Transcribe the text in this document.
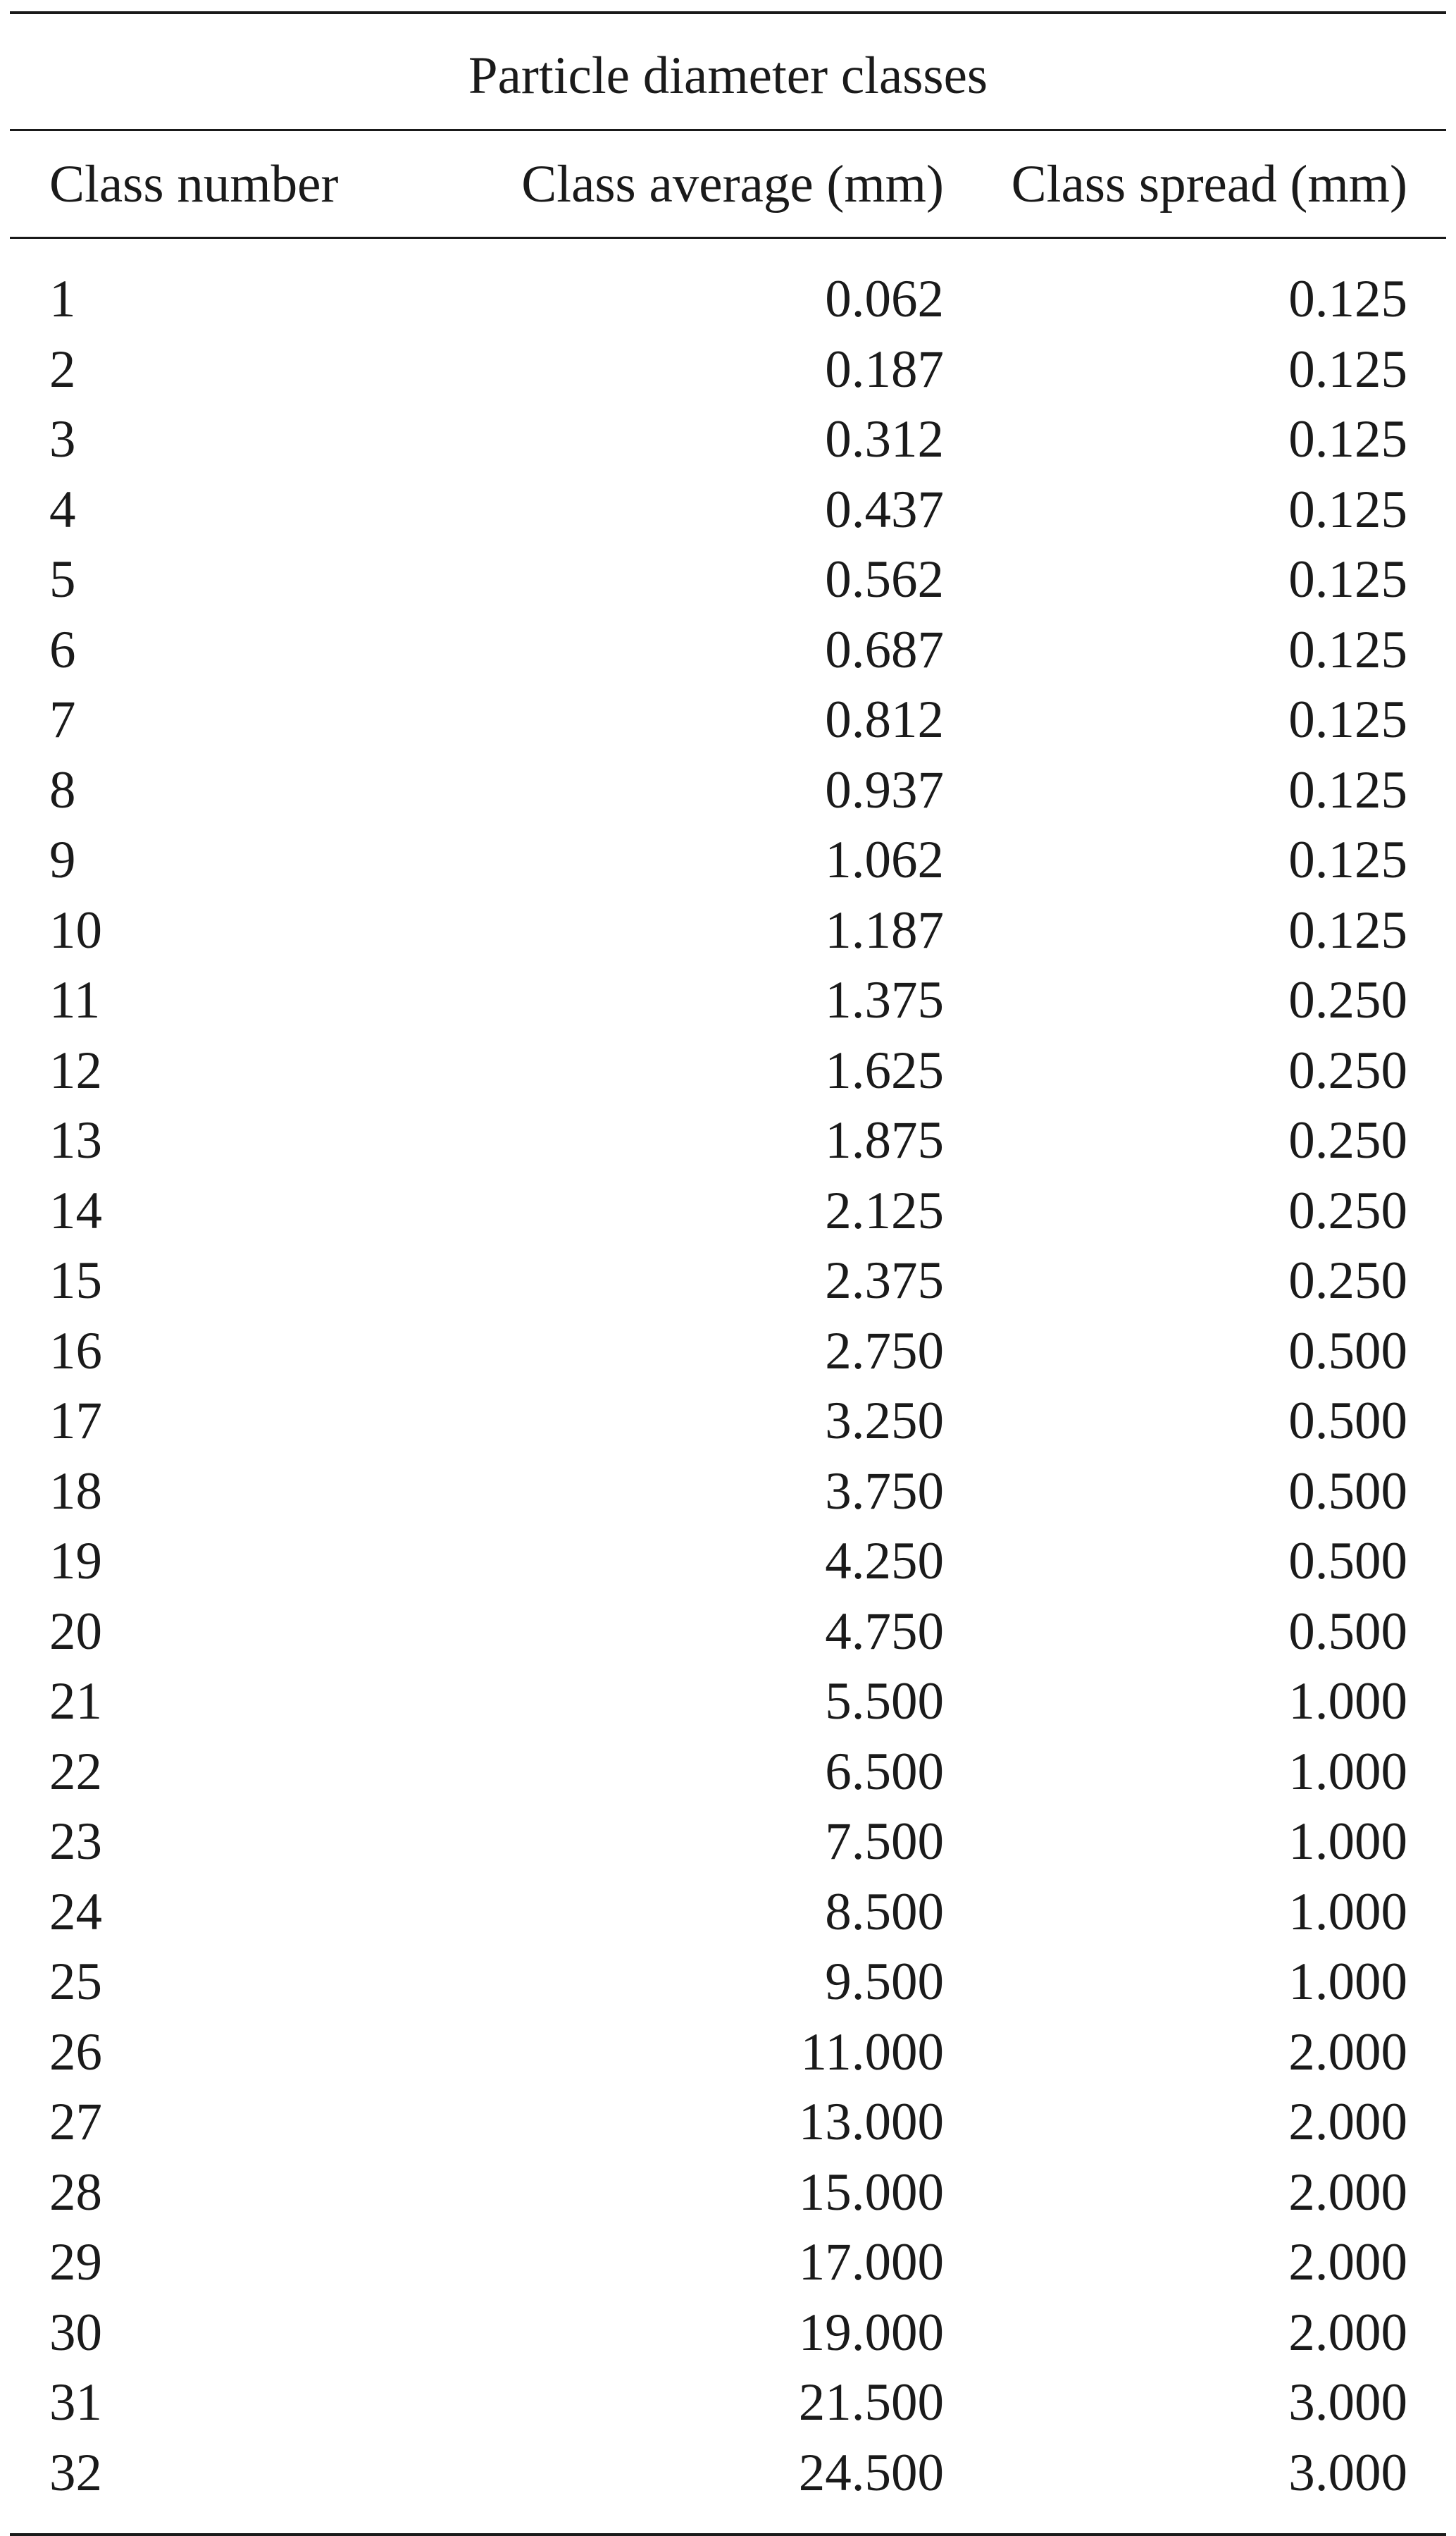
Particle diameter classes		
Class number	Class average (mm)	Class spread (mm)
1	0.062	0.125
2	0.187	0.125
3	0.312	0.125
4	0.437	0.125
5	0.562	0.125
6	0.687	0.125
7	0.812	0.125
8	0.937	0.125
9	1.062	0.125
10	1.187	0.125
11	1.375	0.250
12	1.625	0.250
13	1.875	0.250
14	2.125	0.250
15	2.375	0.250
16	2.750	0.500
17	3.250	0.500
18	3.750	0.500
19	4.250	0.500
20	4.750	0.500
21	5.500	1.000
22	6.500	1.000
23	7.500	1.000
24	8.500	1.000
25	9.500	1.000
26	11.000	2.000
27	13.000	2.000
28	15.000	2.000
29	17.000	2.000
30	19.000	2.000
31	21.500	3.000
32	24.500	3.000
